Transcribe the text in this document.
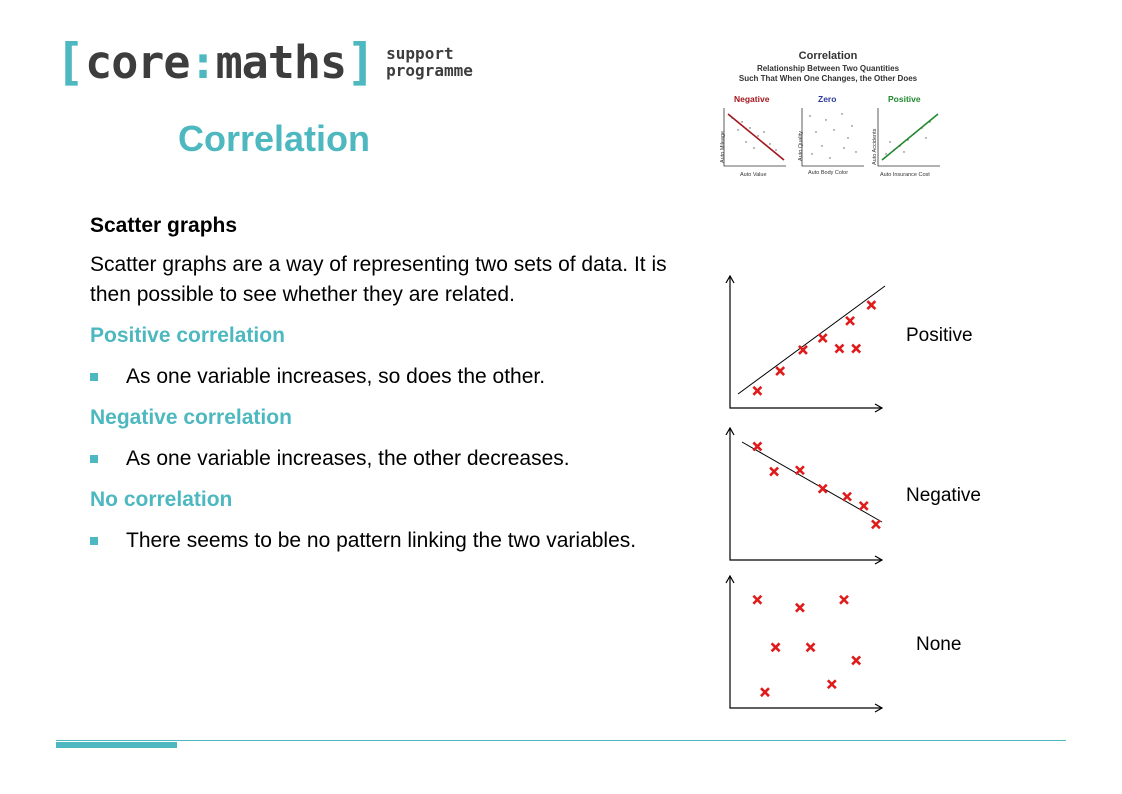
[ core:maths ] support
programme
Correlation
Correlation
Relationship Between Two Quantities
Such That When One Changes, the Other Does
Negative	Zero	Positive
Auto Mileage	Auto Quality	Auto Accidents
Auto Value	Auto Body Color	Auto Insurance Cost

Scatter graphs

Scatter graphs are a way of representing two sets of data. It is then possible to see whether they are related.

Positive correlation

As one variable increases, so does the other.

Negative correlation

As one variable increases, the other decreases.

No correlation

There seems to be no pattern linking the two variables.

Positive
Negative
None
